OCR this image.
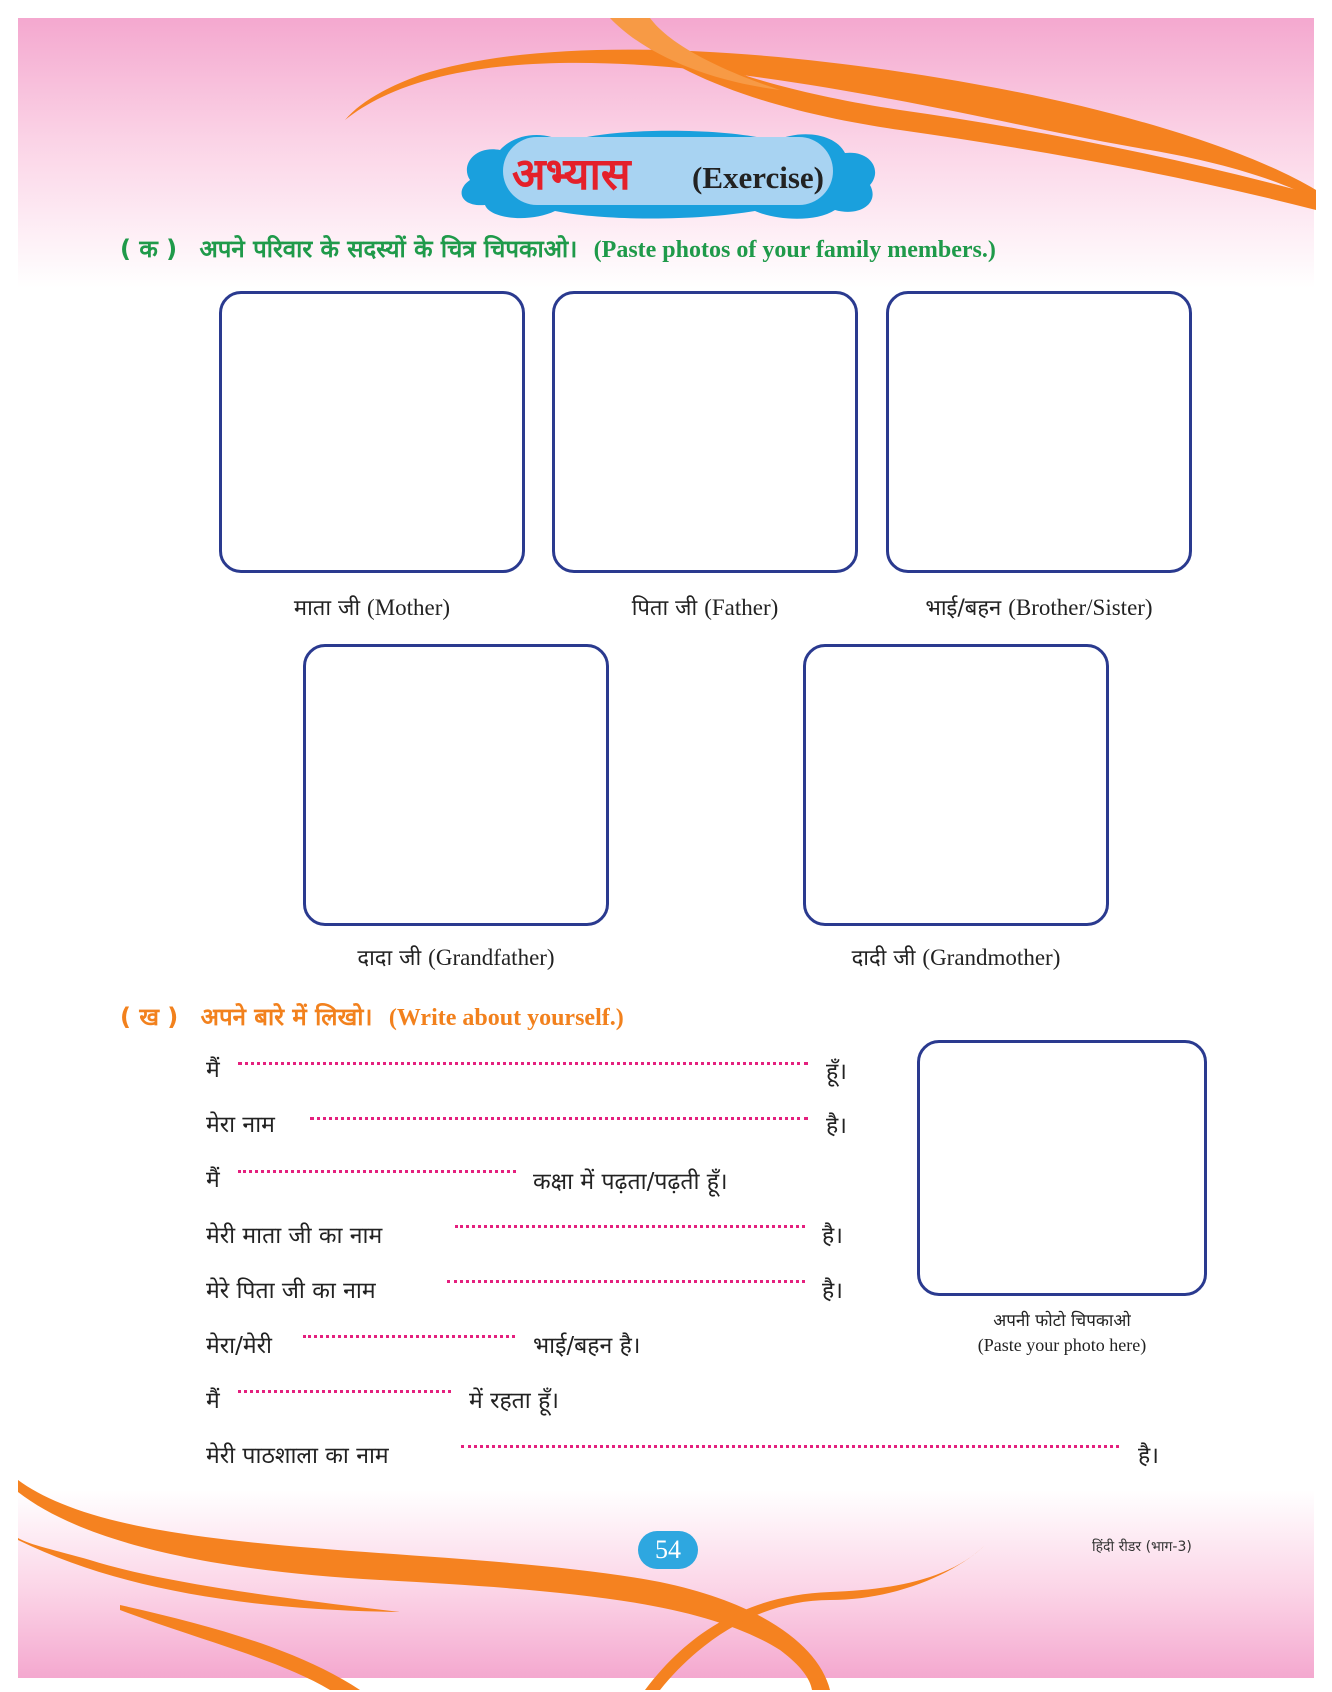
अभ्यास (Exercise)
( क ) अपने परिवार के सदस्यों के चित्र चिपकाओ। (Paste photos of your family members.)
माता जी (Mother)	पिता जी (Father)	भाई/बहन (Brother/Sister)
दादा जी (Grandfather)	दादी जी (Grandmother)
( ख ) अपने बारे में लिखो। (Write about yourself.)
मैं	हूँ।
मेरा नाम	है।
मैं	कक्षा में पढ़ता/पढ़ती हूँ।
मेरी माता जी का नाम	है।
मेरे पिता जी का नाम	है।
मेरा/मेरी	भाई/बहन है।
मैं	में रहता हूँ।
मेरी पाठशाला का नाम	है।
अपनी फोटो चिपकाओ
(Paste your photo here)
54	हिंदी रीडर (भाग-3)
